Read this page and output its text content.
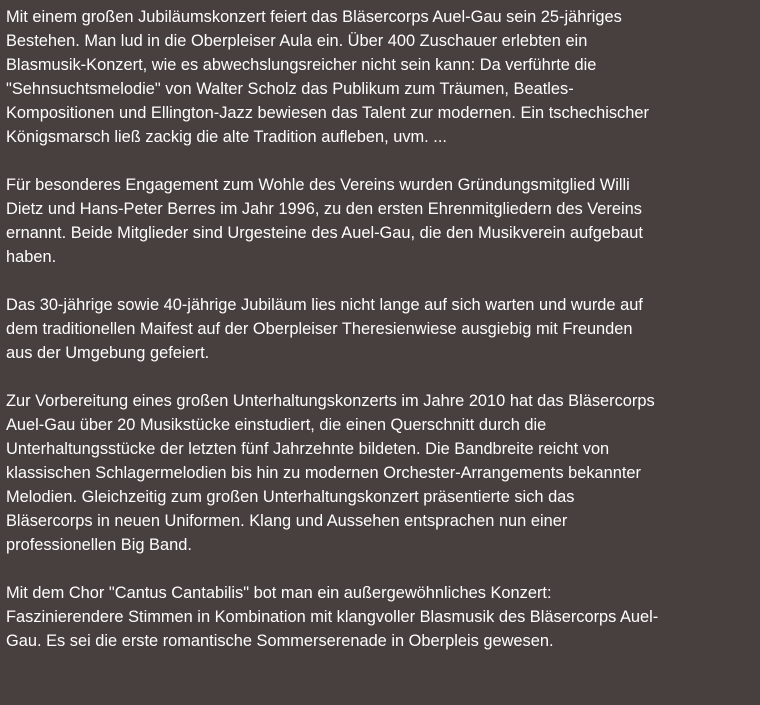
Mit einem großen Jubiläumskonzert feiert das Bläsercorps Auel-Gau sein 25-jähriges
Bestehen. Man lud in die Oberpleiser Aula ein. Über 400 Zuschauer erlebten ein
Blasmusik-Konzert, wie es abwechslungsreicher nicht sein kann: Da verführte die
"Sehnsuchtsmelodie" von Walter Scholz das Publikum zum Träumen, Beatles-
Kompositionen und Ellington-Jazz bewiesen das Talent zur modernen. Ein tschechischer
Königsmarsch ließ zackig die alte Tradition aufleben, uvm. ...

Für besonderes Engagement zum Wohle des Vereins wurden Gründungsmitglied Willi
Dietz und Hans-Peter Berres im Jahr 1996, zu den ersten Ehrenmitgliedern des Vereins
ernannt. Beide Mitglieder sind Urgesteine des Auel-Gau, die den Musikverein aufgebaut
haben.

Das 30-jährige sowie 40-jährige Jubiläum lies nicht lange auf sich warten und wurde auf
dem traditionellen Maifest auf der Oberpleiser Theresienwiese ausgiebig mit Freunden
aus der Umgebung gefeiert.

Zur Vorbereitung eines großen Unterhaltungskonzerts im Jahre 2010 hat das Bläsercorps
Auel-Gau über 20 Musikstücke einstudiert, die einen Querschnitt durch die
Unterhaltungsstücke der letzten fünf Jahrzehnte bildeten. Die Bandbreite reicht von
klassischen Schlagermelodien bis hin zu modernen Orchester-Arrangements bekannter
Melodien. Gleichzeitig zum großen Unterhaltungskonzert präsentierte sich das
Bläsercorps in neuen Uniformen. Klang und Aussehen entsprachen nun einer
professionellen Big Band.

Mit dem Chor "Cantus Cantabilis" bot man ein außergewöhnliches Konzert:
Faszinierendere Stimmen in Kombination mit klangvoller Blasmusik des Bläsercorps Auel-
Gau. Es sei die erste romantische Sommerserenade in Oberpleis gewesen.
